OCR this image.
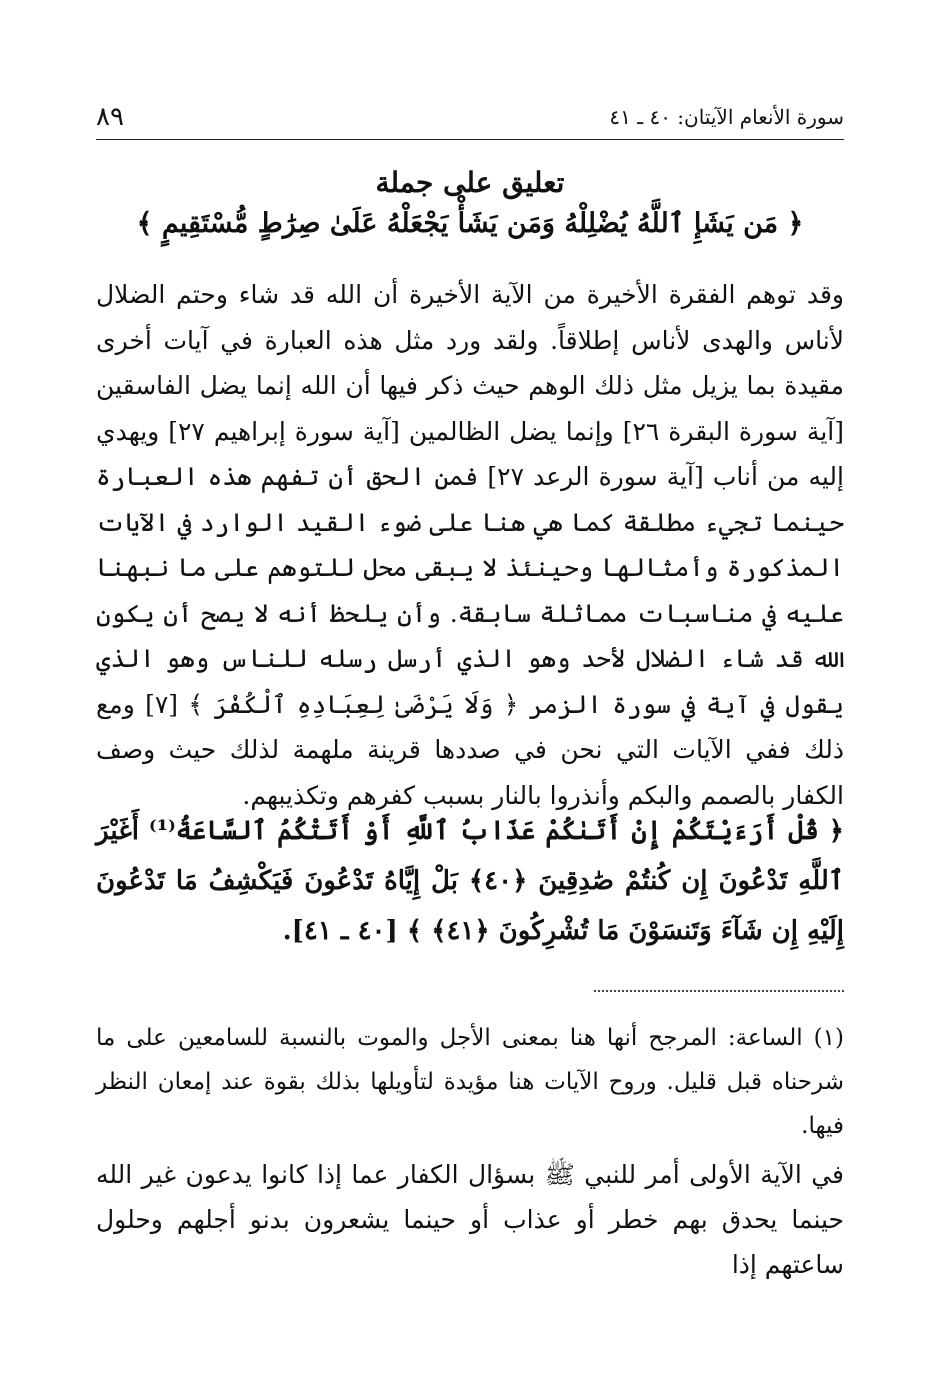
٨٩	سورة الأنعام الآيتان: ٤٠ ـ ٤١
تعليق على جملة
﴿ مَن يَشَإِ ٱللَّهُ يُضْلِلْهُ وَمَن يَشَأْ يَجْعَلْهُ عَلَىٰ صِرَٰطٍ مُّسْتَقِيمٍ ﴾

وقد توهم الفقرة الأخيرة من الآية الأخيرة أن الله قد شاء وحتم الضلال لأناس والهدى لأناس إطلاقاً. ولقد ورد مثل هذه العبارة في آيات أخرى مقيدة بما يزيل مثل ذلك الوهم حيث ذكر فيها أن الله إنما يضل الفاسقين [آية سورة البقرة ٢٦] وإنما يضل الظالمين [آية سورة إبراهيم ٢٧] ويهدي إليه من أناب [آية سورة الرعد ٢٧] فمن الحق أن تفهم هذه العبارة حينما تجيء مطلقة كما هي هنا على ضوء القيد الوارد في الآيات المذكورة وأمثالها وحينئذ لا يبقى محل للتوهم على ما نبهنا عليه في مناسبات مماثلة سابقة. وأن يلحظ أنه لا يصح أن يكون الله قد شاء الضلال لأحد وهو الذي أرسل رسله للناس وهو الذي يقول في آية في سورة الزمر ﴿ وَلَا يَرْضَىٰ لِعِبَادِهِ ٱلْكُفْرَ ﴾ [٧] ومع ذلك ففي الآيات التي نحن في صددها قرينة ملهمة لذلك حيث وصف الكفار بالصمم والبكم وأنذروا بالنار بسبب كفرهم وتكذيبهم.

﴿ قُلْ أَرَءَيْتَكُمْ إِنْ أَتَىٰكُمْ عَذَابُ ٱللَّهِ أَوْ أَتَتْكُمُ ٱلسَّاعَةُ⁽¹⁾ أَغَيْرَ ٱللَّهِ تَدْعُونَ إِن كُنتُمْ صَٰدِقِينَ ﴿٤٠﴾ بَلْ إِيَّاهُ تَدْعُونَ فَيَكْشِفُ مَا تَدْعُونَ إِلَيْهِ إِن شَآءَ وَتَنسَوْنَ مَا تُشْرِكُونَ ﴿٤١﴾ ﴾ [٤٠ ـ ٤١].

(١) الساعة: المرجح أنها هنا بمعنى الأجل والموت بالنسبة للسامعين على ما شرحناه قبل قليل. وروح الآيات هنا مؤيدة لتأويلها بذلك بقوة عند إمعان النظر فيها.

في الآية الأولى أمر للنبي ﷺ بسؤال الكفار عما إذا كانوا يدعون غير الله حينما يحدق بهم خطر أو عذاب أو حينما يشعرون بدنو أجلهم وحلول ساعتهم إذا
